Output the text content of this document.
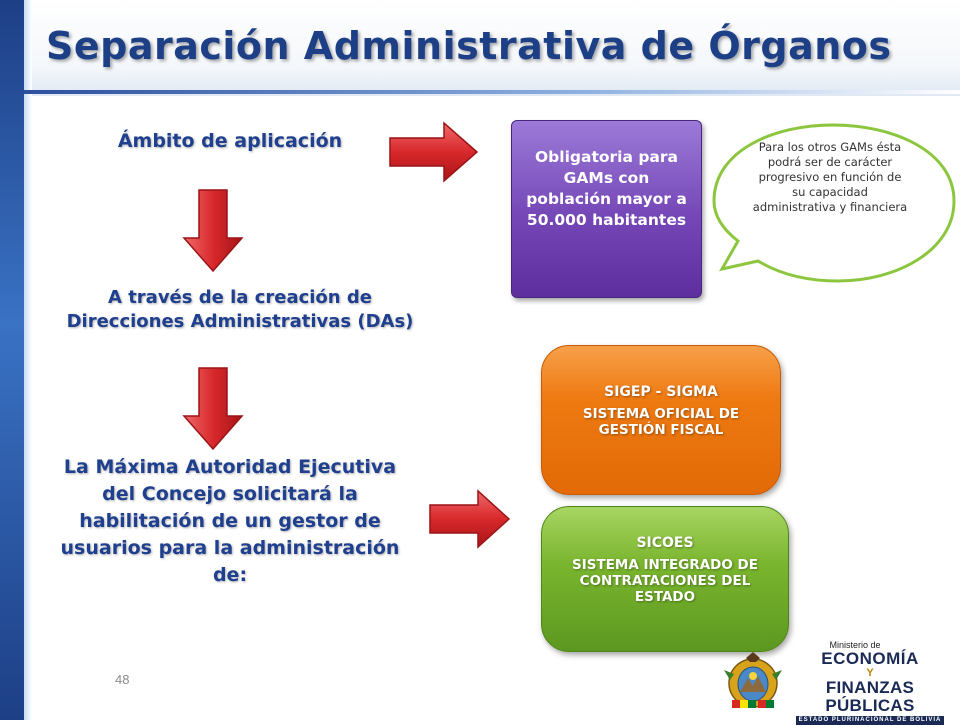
Separación Administrativa de Órganos
Ámbito de aplicación
A través de la creación de Direcciones Administrativas (DAs)
La Máxima Autoridad Ejecutiva del Concejo solicitará la habilitación de un gestor de usuarios para la administración de:
Obligatoria para GAMs con población mayor a 50.000 habitantes
Para los otros GAMs ésta podrá ser de carácter progresivo en función de su capacidad administrativa y financiera
SIGEP - SIGMA
SISTEMA OFICIAL DE GESTIÓN FISCAL
SICOES
SISTEMA INTEGRADO DE CONTRATACIONES DEL ESTADO
48
Ministerio de
ECONOMÍA
Y
FINANZAS PÚBLICAS
ESTADO PLURINACIONAL DE BOLIVIA
